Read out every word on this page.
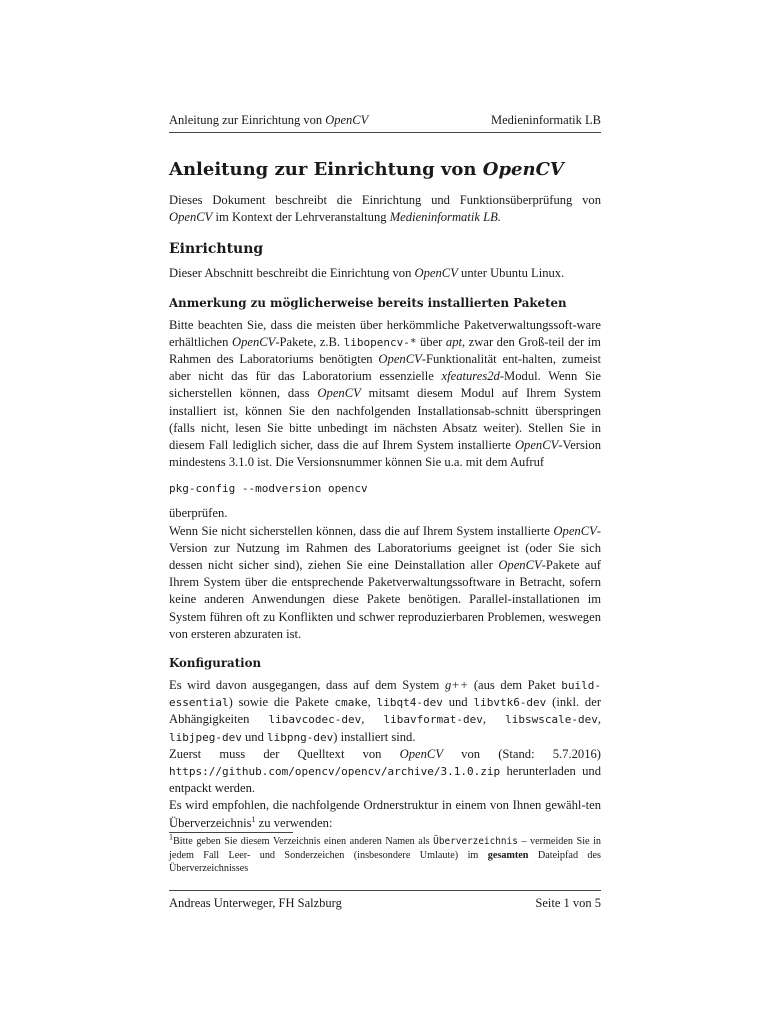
Anleitung zur Einrichtung von OpenCV	Medieninformatik LB
Anleitung zur Einrichtung von OpenCV

Dieses Dokument beschreibt die Einrichtung und Funktionsüberprüfung von OpenCV im Kontext der Lehrveranstaltung Medieninformatik LB.

Einrichtung

Dieser Abschnitt beschreibt die Einrichtung von OpenCV unter Ubuntu Linux.

Anmerkung zu möglicherweise bereits installierten Paketen

Bitte beachten Sie, dass die meisten über herkömmliche Paketverwaltungssoft-ware erhältlichen OpenCV-Pakete, z.B. libopencv-* über apt, zwar den Groß-teil der im Rahmen des Laboratoriums benötigten OpenCV-Funktionalität ent-halten, zumeist aber nicht das für das Laboratorium essenzielle xfeatures2d-Modul. Wenn Sie sicherstellen können, dass OpenCV mitsamt diesem Modul auf Ihrem System installiert ist, können Sie den nachfolgenden Installationsab-schnitt überspringen (falls nicht, lesen Sie bitte unbedingt im nächsten Absatz weiter). Stellen Sie in diesem Fall lediglich sicher, dass die auf Ihrem System installierte OpenCV-Version mindestens 3.1.0 ist. Die Versionsnummer können Sie u.a. mit dem Aufruf

pkg-config --modversion opencv

überprüfen.

Wenn Sie nicht sicherstellen können, dass die auf Ihrem System installierte OpenCV-Version zur Nutzung im Rahmen des Laboratoriums geeignet ist (oder Sie sich dessen nicht sicher sind), ziehen Sie eine Deinstallation aller OpenCV-Pakete auf Ihrem System über die entsprechende Paketverwaltungssoftware in Betracht, sofern keine anderen Anwendungen diese Pakete benötigen. Parallel-installationen im System führen oft zu Konflikten und schwer reproduzierbaren Problemen, weswegen von ersteren abzuraten ist.

Konfiguration

Es wird davon ausgegangen, dass auf dem System g++ (aus dem Paket build-essential) sowie die Pakete cmake, libqt4-dev und libvtk6-dev (inkl. der Abhängigkeiten libavcodec-dev, libavformat-dev, libswscale-dev, libjpeg-dev und libpng-dev) installiert sind.

Zuerst muss der Quelltext von OpenCV von (Stand: 5.7.2016) https://github.com/opencv/opencv/archive/3.1.0.zip herunterladen und entpackt werden.

Es wird empfohlen, die nachfolgende Ordnerstruktur in einem von Ihnen gewähl-ten Überverzeichnis$^1$ zu verwenden:

$^1$Bitte geben Sie diesem Verzeichnis einen anderen Namen als Überverzeichnis – vermeiden Sie in jedem Fall Leer- und Sonderzeichen (insbesondere Umlaute) im gesamten Dateipfad des Überverzeichnisses

Andreas Unterweger, FH Salzburg	Seite 1 von 5
